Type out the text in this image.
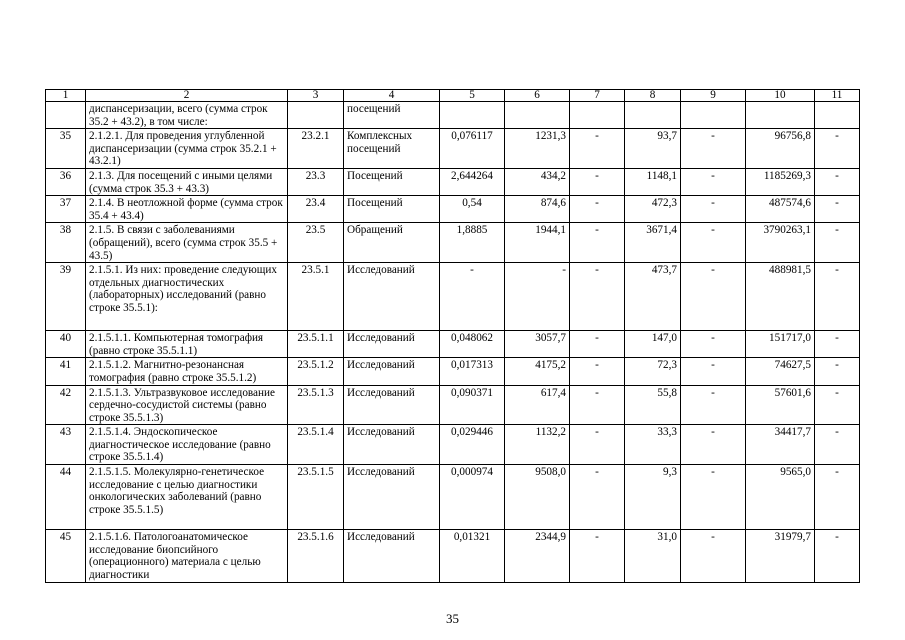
1	2	3	4	5	6	7	8	9	10	11
	диспансеризации, всего (сумма строк 35.2 + 43.2), в том числе:		посещений							
35	2.1.2.1. Для проведения углубленной диспансеризации (сумма строк 35.2.1 + 43.2.1)	23.2.1	Комплексных посещений	0,076117	1231,3	-	93,7	-	96756,8	-
36	2.1.3. Для посещений с иными целями (сумма строк 35.3 + 43.3)	23.3	Посещений	2,644264	434,2	-	1148,1	-	1185269,3	-
37	2.1.4. В неотложной форме (сумма строк 35.4 + 43.4)	23.4	Посещений	0,54	874,6	-	472,3	-	487574,6	-
38	2.1.5. В связи с заболеваниями (обращений), всего (сумма строк 35.5 + 43.5)	23.5	Обращений	1,8885	1944,1	-	3671,4	-	3790263,1	-
39	2.1.5.1. Из них: проведение следующих отдельных диагностических (лабораторных) исследований (равно строке 35.5.1):	23.5.1	Исследований	-	-	-	473,7	-	488981,5	-
40	2.1.5.1.1. Компьютерная томография (равно строке 35.5.1.1)	23.5.1.1	Исследований	0,048062	3057,7	-	147,0	-	151717,0	-
41	2.1.5.1.2. Магнитно-резонансная томография (равно строке 35.5.1.2)	23.5.1.2	Исследований	0,017313	4175,2	-	72,3	-	74627,5	-
42	2.1.5.1.3. Ультразвуковое исследование сердечно-сосудистой системы (равно строке 35.5.1.3)	23.5.1.3	Исследований	0,090371	617,4	-	55,8	-	57601,6	-
43	2.1.5.1.4. Эндоскопическое диагностическое исследование (равно строке 35.5.1.4)	23.5.1.4	Исследований	0,029446	1132,2	-	33,3	-	34417,7	-
44	2.1.5.1.5. Молекулярно-генетическое исследование с целью диагностики онкологических заболеваний (равно строке 35.5.1.5)	23.5.1.5	Исследований	0,000974	9508,0	-	9,3	-	9565,0	-
45	2.1.5.1.6. Патологоанатомическое исследование биопсийного (операционного) материала с целью диагностики	23.5.1.6	Исследований	0,01321	2344,9	-	31,0	-	31979,7	-
35
